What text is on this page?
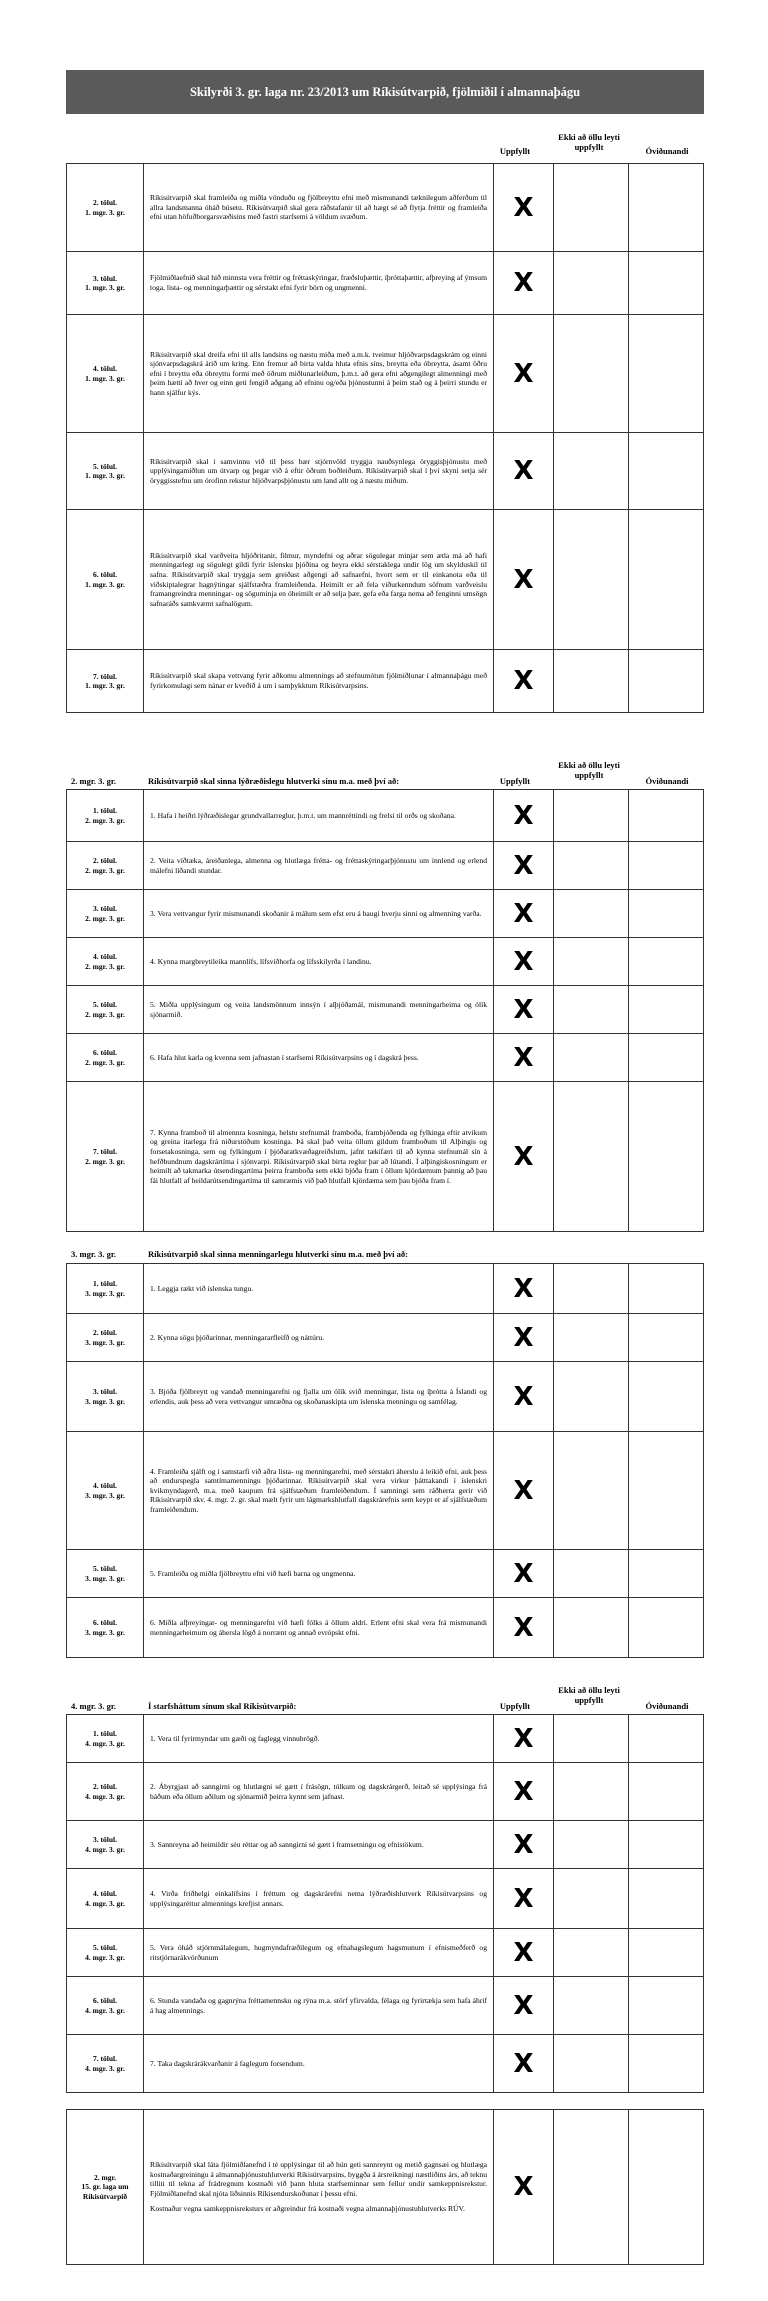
Skilyrði 3. gr. laga nr. 23/2013 um Ríkisútvarpið, fjölmiðil í almannaþágu
Uppfyllt
Ekki að öllu leyti uppfyllt	Óviðunandi
2. tölul.
1. mgr. 3. gr.	Ríkisútvarpið skal framleiða og miðla vönduðu og fjölbreyttu efni með mismunandi tæknilegum aðferðum til allra landsmanna óháð búsetu. Ríkisútvarpið skal gera ráðstafanir til að hægt sé að flytja fréttir og framleiða efni utan höfuðborgarsvæðisins með fastri starfsemi á völdum svæðum.	X		

3. tölul.
1. mgr. 3. gr.	Fjölmiðlaefnið skal hið minnsta vera fréttir og fréttaskýringar, fræðsluþættir, íþróttaþættir, afþreying af ýmsum toga, lista- og menningarþættir og sérstakt efni fyrir börn og ungmenni.	X		

4. tölul.
1. mgr. 3. gr.	Ríkisútvarpið skal dreifa efni til alls landsins og næstu miða með a.m.k. tveimur hljóðvarpsdagskrám og einni sjónvarpsdagskrá árið um kring. Enn fremur að birta valda hluta efnis síns, breytta eða óbreytta, ásamt öðru efni í breyttu eða óbreyttu formi með öðrum miðlunarleiðum, þ.m.t. að gera efni aðgengilegt almenningi með þeim hætti að hver og einn geti fengið aðgang að efninu og/eða þjónustunni á þeim stað og á þeirri stundu er hann sjálfur kýs.	X		

5. tölul.
1. mgr. 3. gr.	Ríkisútvarpið skal í samvinnu við til þess bær stjórnvöld tryggja nauðsynlega öryggisþjónustu með upplýsingamiðlun um útvarp og þegar við á eftir öðrum boðleiðum. Ríkisútvarpið skal í því skyni setja sér öryggisstefnu um órofinn rekstur hljóðvarpsþjónustu um land allt og á næstu miðum.	X		

6. tölul.
1. mgr. 3. gr.	Ríkisútvarpið skal varðveita hljóðritanir, filmur, myndefni og aðrar sögulegar minjar sem ætla má að hafi menningarlegt og sögulegt gildi fyrir íslensku þjóðina og heyra ekki sérstaklega undir lög um skylduskil til safna. Ríkisútvarpið skal tryggja sem greiðast aðgengi að safnaefni, hvort sem er til einkanota eða til viðskiptalegrar hagnýtingar sjálfstæðra framleiðenda. Heimilt er að fela viðurkenndum söfnum varðveislu framangreindra menningar- og söguminja en óheimilt er að selja þær, gefa eða farga nema að fenginni umsögn safnaráðs samkvæmt safnalögum.	X		

7. tölul.
1. mgr. 3. gr.	Ríkisútvarpið skal skapa vettvang fyrir aðkomu almennings að stefnumótun fjölmiðlunar í almannaþágu með fyrirkomulagi sem nánar er kveðið á um í samþykktum Ríkisútvarpsins.	X		
2. mgr. 3. gr.	Ríkisútvarpið skal sinna lýðræðislegu hlutverki sínu m.a. með því að:	Uppfyllt
Ekki að öllu leyti uppfyllt
Óviðunandi
1. tölul.
2. mgr. 3. gr.	1. Hafa í heiðri lýðræðislegar grundvallarreglur, þ.m.t. um mannréttindi og frelsi til orðs og skoðana.	X		

2. tölul.
2. mgr. 3. gr.	2. Veita víðtæka, áreiðanlega, almenna og hlutlæga frétta- og fréttaskýringarþjónustu um innlend og erlend málefni líðandi stundar.	X		

3. tölul.
2. mgr. 3. gr.	3. Vera vettvangur fyrir mismunandi skoðanir á málum sem efst eru á baugi hverju sinni og almenning varða.	X		

4. tölul.
2. mgr. 3. gr.	4. Kynna margbreytileika mannlífs, lífsviðhorfa og lífsskilyrða í landinu.	X		

5. tölul.
2. mgr. 3. gr.	5. Miðla upplýsingum og veita landsmönnum innsýn í alþjóðamál, mismunandi menningarheima og ólík sjónarmið.	X		

6. tölul.
2. mgr. 3. gr.	6. Hafa hlut karla og kvenna sem jafnastan í starfsemi Ríkisútvarpsins og í dagskrá þess.	X		

7. tölul.
2. mgr. 3. gr.	7. Kynna framboð til almennra kosninga, helstu stefnumál framboða, frambjóðenda og fylkinga eftir atvikum og greina itarlega frá niðurstöðum kosninga. Þá skal það veita öllum gildum framboðum til Alþingis og forsetakosninga, sem og fylkingum í þjóðaratkvæðagreiðslum, jafnt tækifæri til að kynna stefnumál sín á hefðbundnum dagskrártíma í sjónvarpi. Ríkisútvarpið skal birta reglur þar að lútandi. Í alþingiskosningum er heimilt að takmarka útsendingartíma þeirra framboða sem ekki bjóða fram í öllum kjördæmum þannig að þau fái hlutfall af heildarútsendingartíma til samræmis við það hlutfall kjördæma sem þau bjóða fram í.	X		
3. mgr. 3. gr.	Ríkisútvarpið skal sinna menningarlegu hlutverki sínu m.a. með því að:
1. tölul.
3. mgr. 3. gr.	1. Leggja rækt við íslenska tungu.	X		

2. tölul.
3. mgr. 3. gr.	2. Kynna sögu þjóðarinnar, menningararfleifð og náttúru.	X		

3. tölul.
3. mgr. 3. gr.	3. Bjóða fjölbreytt og vandað menningarefni og fjalla um ólík svið menningar, lista og íþrótta á Íslandi og erlendis, auk þess að vera vettvangur umræðna og skoðanaskipta um íslenska menningu og samfélag.	X		

4. tölul.
3. mgr. 3. gr.	4. Framleiða sjálft og í samstarfi við aðra lista- og menningarefni, með sérstakri áherslu á leikið efni, auk þess að endurspegla samtímamenningu þjóðarinnar. Ríkisútvarpið skal vera virkur þátttakandi í íslenskri kvikmyndagerð, m.a. með kaupum frá sjálfstæðum framleiðendum. Í samningi sem ráðherra gerir við Ríkisútvarpið skv. 4. mgr. 2. gr. skal mælt fyrir um lágmarkshlutfall dagskrárefnis sem keypt er af sjálfstæðum framleiðendum.	X		

5. tölul.
3. mgr. 3. gr.	5. Framleiða og miðla fjölbreyttu efni við hæfi barna og ungmenna.	X		

6. tölul.
3. mgr. 3. gr.	6. Miðla afþreyingar- og menningarefni við hæfi fólks á öllum aldri. Erlent efni skal vera frá mismunandi menningarheimum og áhersla lögð á norrænt og annað evrópskt efni.	X		
4. mgr. 3. gr.	Í starfsháttum sínum skal Ríkisútvarpið:	Uppfyllt
Ekki að öllu leyti uppfyllt
Óviðunandi
1. tölul.
4. mgr. 3. gr.	1. Vera til fyrirmyndar um gæði og faglegg vinnubrögð.	X		

2. tölul.
4. mgr. 3. gr.	2. Ábyrgjast að sanngirni og hlutlægni sé gætt í frásögn, túlkum og dagskrárgerð, leitað sé upplýsinga frá báðum eða öllum aðilum og sjónarmið þeirra kynnt sem jafnast.	X		

3. tölul.
4. mgr. 3. gr.	3. Sannreyna að heimildir séu réttar og að sanngirni sé gætt í framsetningu og efnistökum.	X		

4. tölul.
4. mgr. 3. gr.	4. Virða friðhelgi einkalífsins í fréttum og dagskrárefni nema lýðræðishlutverk Ríkisútvarpsins og upplýsingaréttur almennings krefjist annars.	X		

5. tölul.
4. mgr. 3. gr.	5. Vera óháð stjórnmálalegum, hugmyndafræðilegum og efnahagslegum hagsmunum í efnismeðferð og ritstjórnarákvörðunum	X		

6. tölul.
4. mgr. 3. gr.	6. Stunda vandaða og gagnrýna fréttamennsku og rýna m.a. störf yfirvalda, félaga og fyrirtækja sem hafa áhrif á hag almennings.	X		

7. tölul.
4. mgr. 3. gr.	7. Taka dagskrárákvarðanir á faglegum forsendum.	X		
2. mgr.
15. gr. laga um
Ríkisútvarpið

Ríkisútvarpið skal láta fjölmiðlanefnd í té upplýsingar til að hún geti sannreynt og metið gagnsæi og hlutlæga kostnaðargreiningu á almannaþjónustuhlutverki Ríkisútvarpsins, byggða á ársreikningi næstliðins árs, að teknu tilliti til tekna af frádregnum kostnaði við þann hluta starfseminnar sem fellur undir samkeppnisrekstur. Fjölmiðlanefnd skal njóta liðsinnis Ríkisendurskoðunar í þessu efni.

Kostnaður vegna samkeppnisreksturs er aðgreindur frá kostnaði vegna almannaþjónustuhlutverks RÚV.

	X		
